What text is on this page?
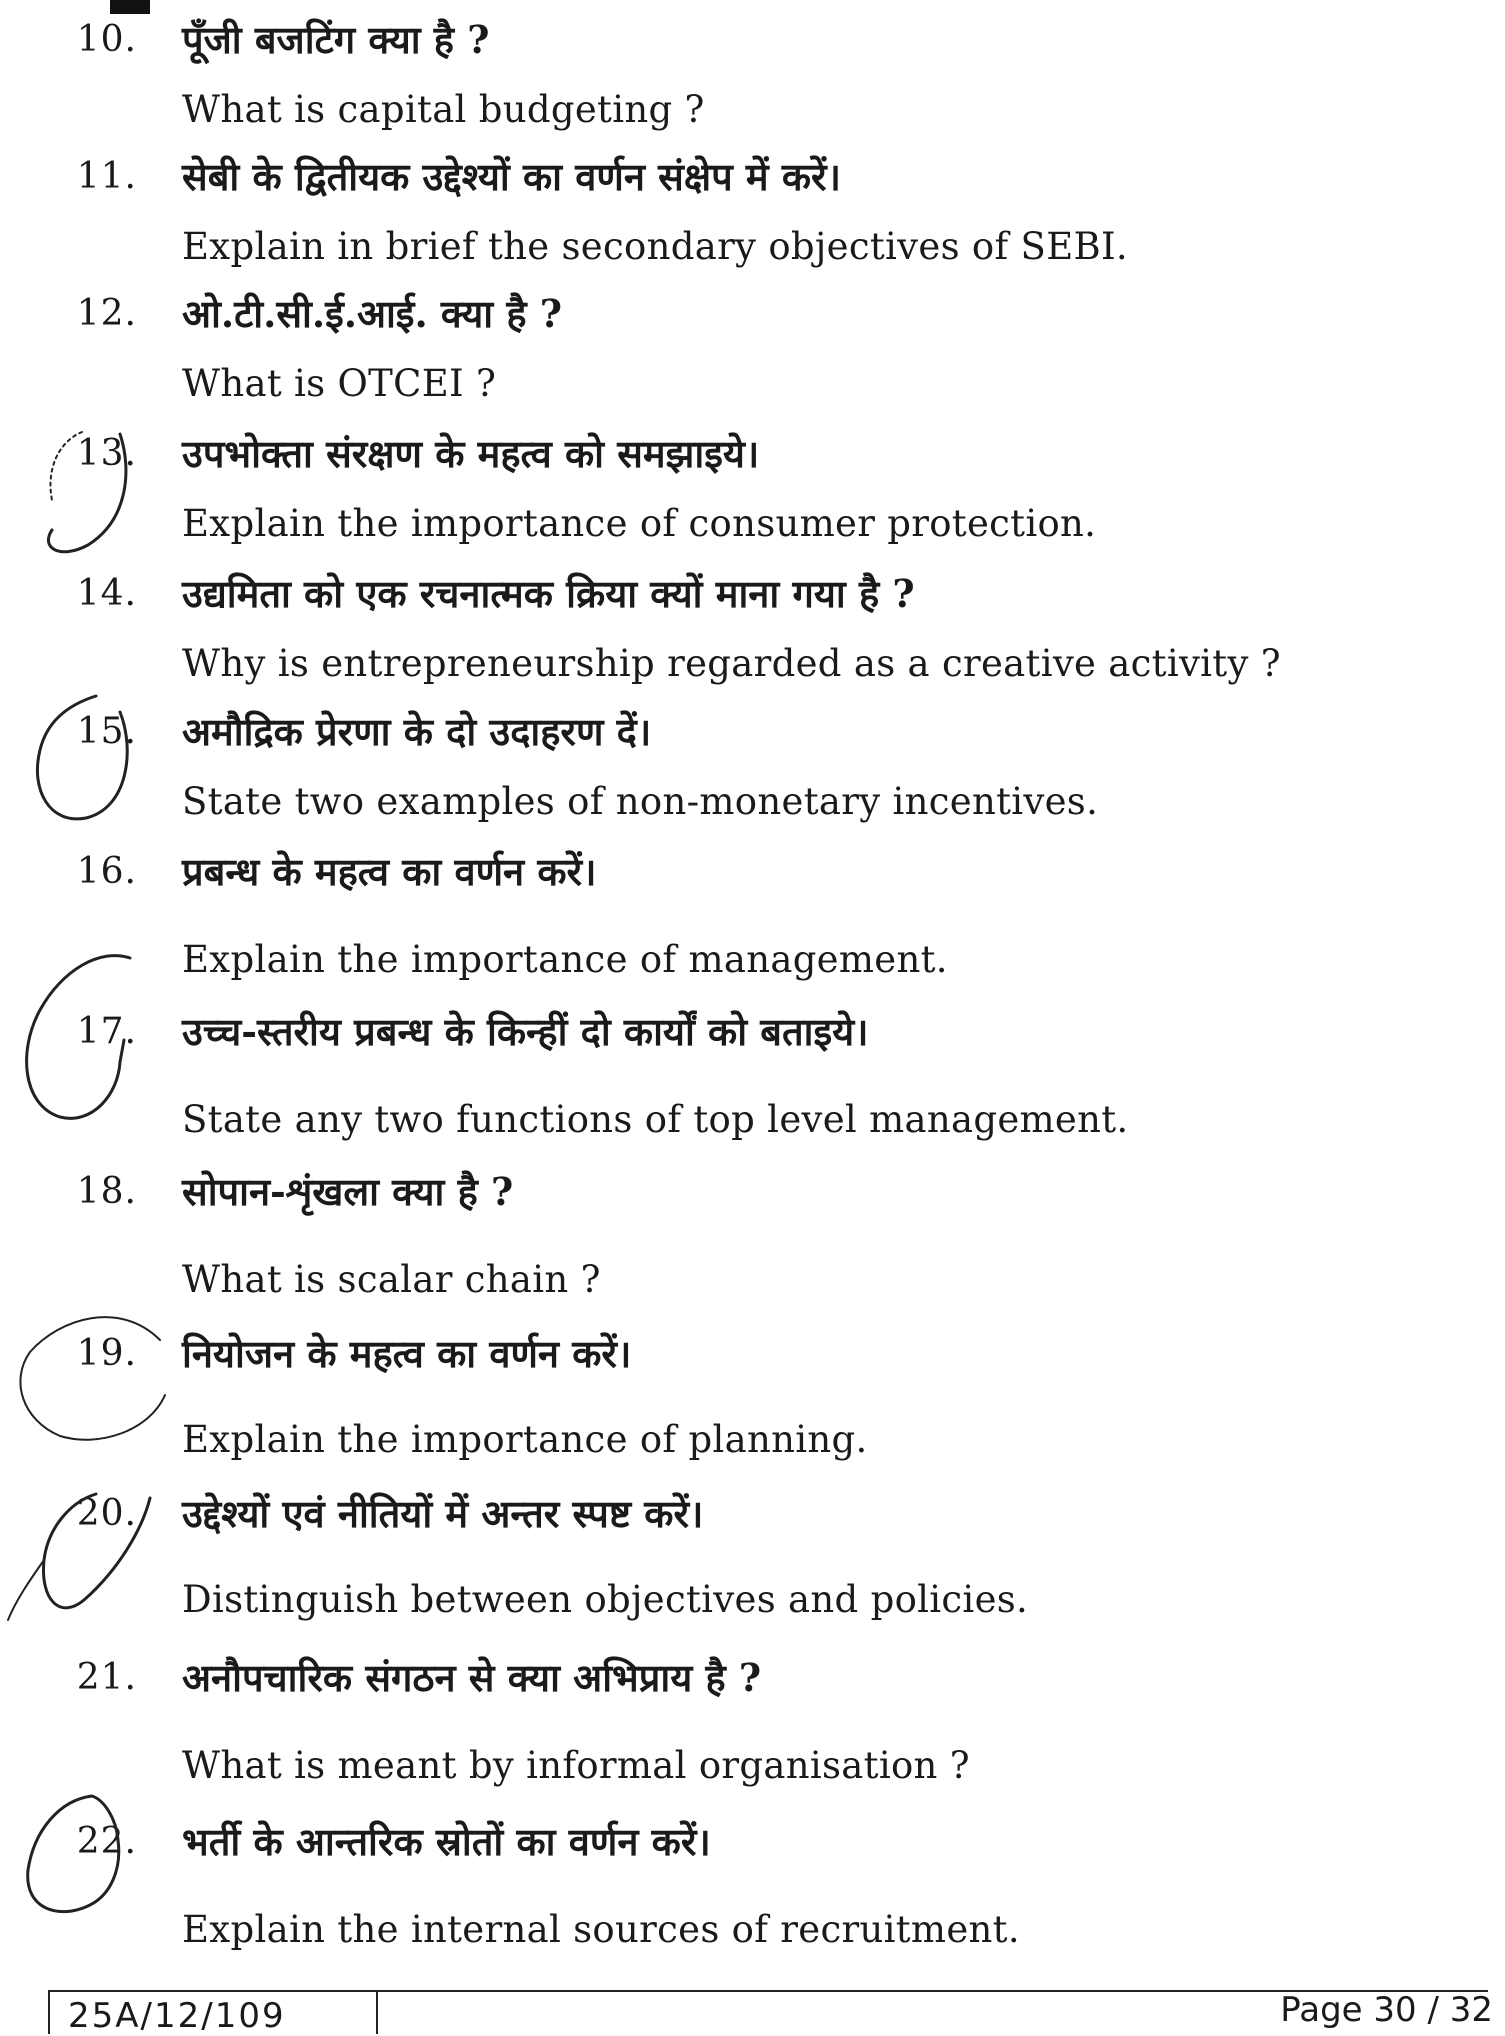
10. पूँजी बजटिंग क्या है ?
What is capital budgeting ?
11. सेबी के द्वितीयक उद्देश्यों का वर्णन संक्षेप में करें।
Explain in brief the secondary objectives of SEBI.
12. ओ.टी.सी.ई.आई. क्या है ?
What is OTCEI ?
13. उपभोक्ता संरक्षण के महत्व को समझाइये।
Explain the importance of consumer protection.
14. उद्यमिता को एक रचनात्मक क्रिया क्यों माना गया है ?
Why is entrepreneurship regarded as a creative activity ?
15. अमौद्रिक प्रेरणा के दो उदाहरण दें।
State two examples of non-monetary incentives.
16. प्रबन्ध के महत्व का वर्णन करें।
Explain the importance of management.
17. उच्च-स्तरीय प्रबन्ध के किन्हीं दो कार्यों को बताइये।
State any two functions of top level management.
18. सोपान-शृंखला क्या है ?
What is scalar chain ?
19. नियोजन के महत्व का वर्णन करें।
Explain the importance of planning.
20. उद्देश्यों एवं नीतियों में अन्तर स्पष्ट करें।
Distinguish between objectives and policies.
21. अनौपचारिक संगठन से क्या अभिप्राय है ?
What is meant by informal organisation ?
22. भर्ती के आन्तरिक स्रोतों का वर्णन करें।
Explain the internal sources of recruitment.
25A/12/109	Page 30 / 32
